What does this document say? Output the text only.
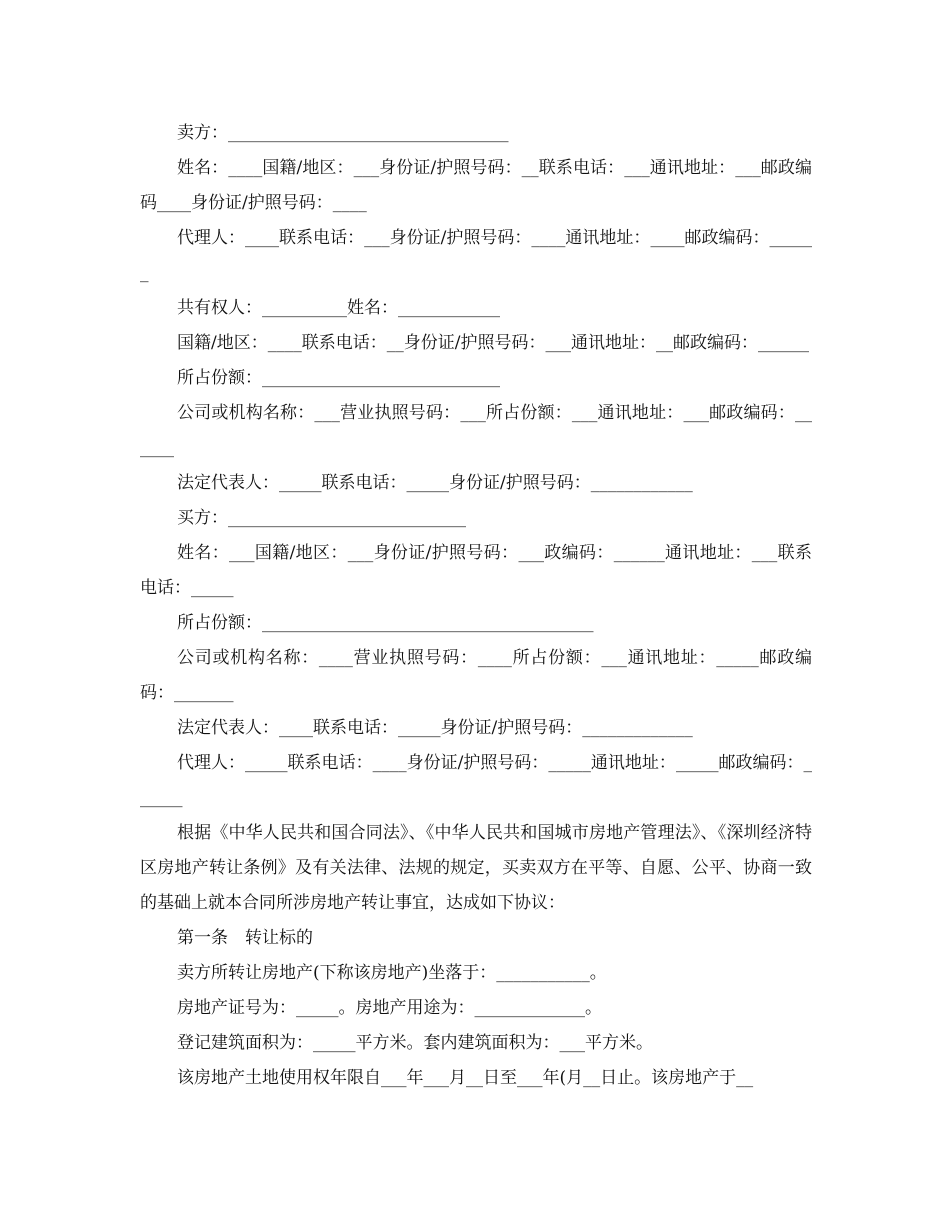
卖方：_________________________________

姓名：____国籍/地区：___身份证/护照号码：__联系电话：___通讯地址：___邮政编码____身份证/护照号码：____

代理人：____联系电话：___身份证/护照号码：____通讯地址：____邮政编码：______

共有权人：__________姓名：____________

国籍/地区：____联系电话：__身份证/护照号码：___通讯地址：__邮政编码：______

所占份额：____________________________

公司或机构名称：___营业执照号码：___所占份额：___通讯地址：___邮政编码：______

法定代表人：_____联系电话：_____身份证/护照号码：____________

买方：____________________________

姓名：___国籍/地区：___身份证/护照号码：___政编码：______通讯地址：___联系电话：_____

所占份额：_______________________________________

公司或机构名称：____营业执照号码：____所占份额：___通讯地址：_____邮政编码：_______

法定代表人：____联系电话：_____身份证/护照号码：_____________

代理人：_____联系电话：____身份证/护照号码：_____通讯地址：_____邮政编码：______

根据《中华人民共和国合同法》、《中华人民共和国城市房地产管理法》、《深圳经济特区房地产转让条例》及有关法律、法规的规定，买卖双方在平等、自愿、公平、协商一致的基础上就本合同所涉房地产转让事宜，达成如下协议：

第一条　转让标的

卖方所转让房地产(下称该房地产)坐落于：___________。

房地产证号为：_____。房地产用途为：_____________。

登记建筑面积为：_____平方米。套内建筑面积为：___平方米。

该房地产土地使用权年限自___年___月__日至___年(月__日止。该房地产于__
